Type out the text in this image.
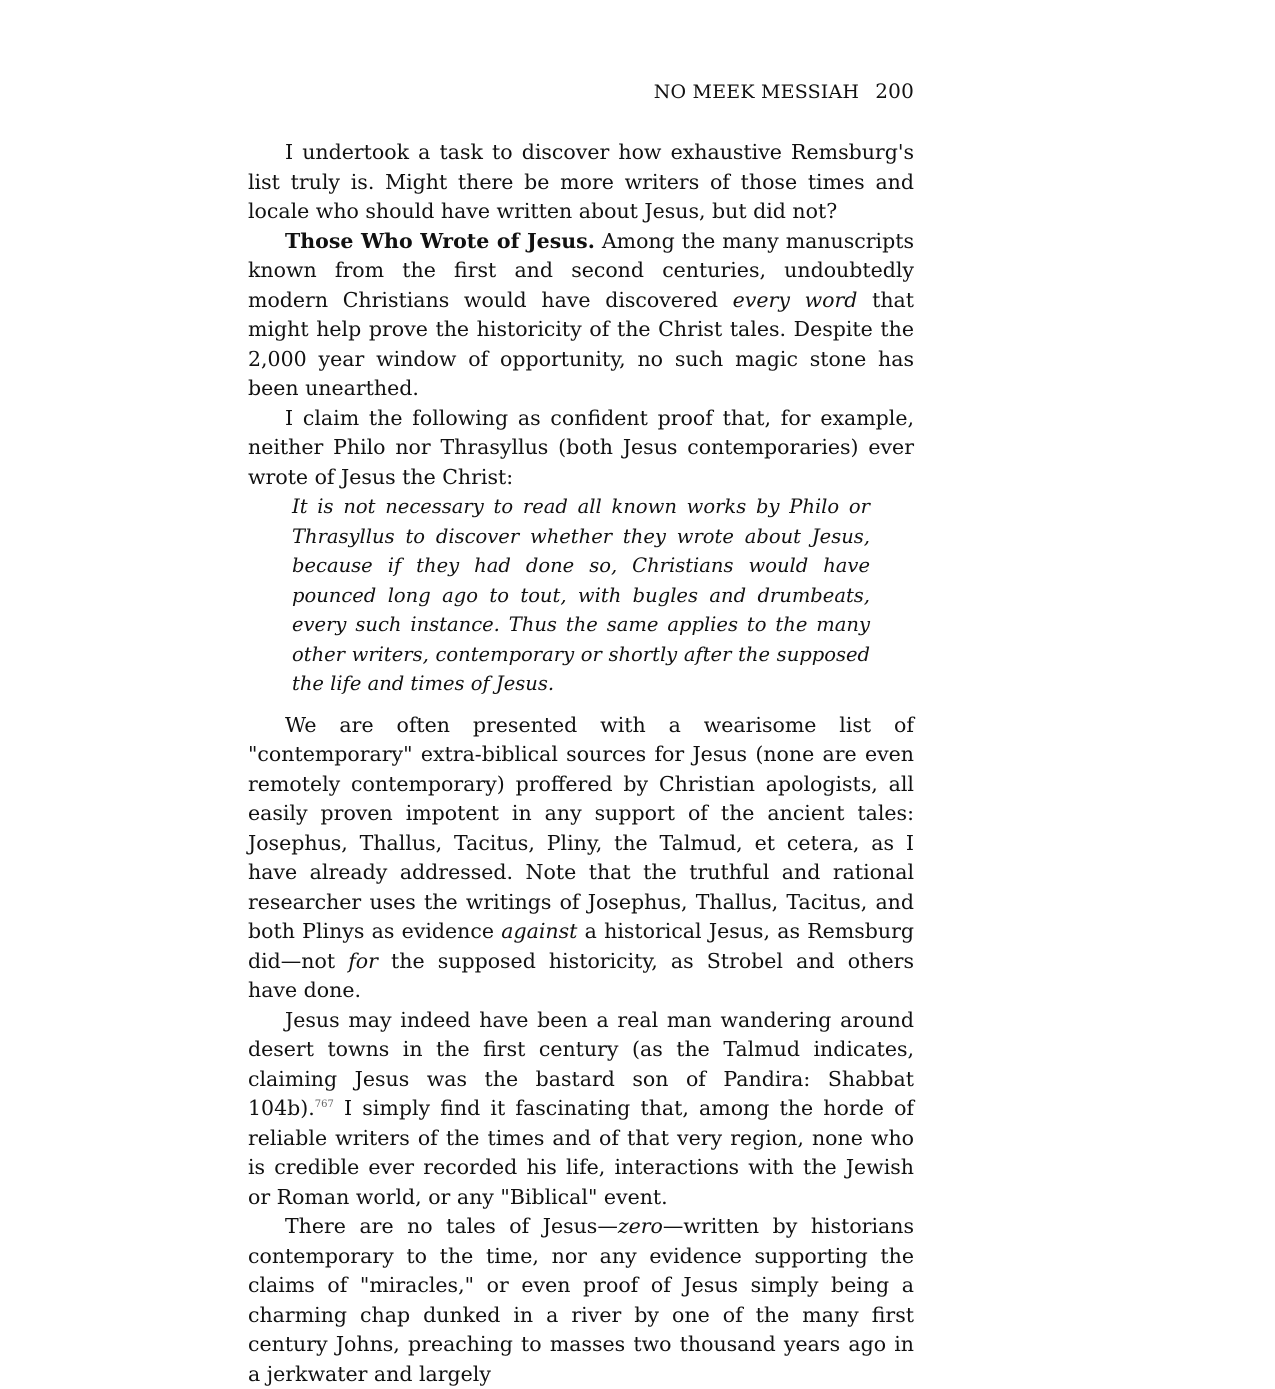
NO MEEK MESSIAH 200

I undertook a task to discover how exhaustive Remsburg's list truly is. Might there be more writers of those times and locale who should have written about Jesus, but did not?

Those Who Wrote of Jesus. Among the many manuscripts known from the first and second centuries, undoubtedly modern Christians would have discovered every word that might help prove the historicity of the Christ tales. Despite the 2,000 year window of opportunity, no such magic stone has been unearthed.

I claim the following as confident proof that, for example, neither Philo nor Thrasyllus (both Jesus contemporaries) ever wrote of Jesus the Christ:

It is not necessary to read all known works by Philo or Thrasyllus to discover whether they wrote about Jesus, because if they had done so, Christians would have pounced long ago to tout, with bugles and drumbeats, every such instance. Thus the same applies to the many other writers, contemporary or shortly after the supposed the life and times of Jesus.

We are often presented with a wearisome list of "contemporary" extra-biblical sources for Jesus (none are even remotely contemporary) proffered by Christian apologists, all easily proven impotent in any support of the ancient tales: Josephus, Thallus, Tacitus, Pliny, the Talmud, et cetera, as I have already addressed. Note that the truthful and rational researcher uses the writings of Josephus, Thallus, Tacitus, and both Plinys as evidence against a historical Jesus, as Remsburg did—not for the supposed historicity, as Strobel and others have done.

Jesus may indeed have been a real man wandering around desert towns in the first century (as the Talmud indicates, claiming Jesus was the bastard son of Pandira: Shabbat 104b).$^{767}$ I simply find it fascinating that, among the horde of reliable writers of the times and of that very region, none who is credible ever recorded his life, interactions with the Jewish or Roman world, or any "Biblical" event.

There are no tales of Jesus—zero—written by historians contemporary to the time, nor any evidence supporting the claims of "miracles," or even proof of Jesus simply being a charming chap dunked in a river by one of the many first century Johns, preaching to masses two thousand years ago in a jerkwater and largely
